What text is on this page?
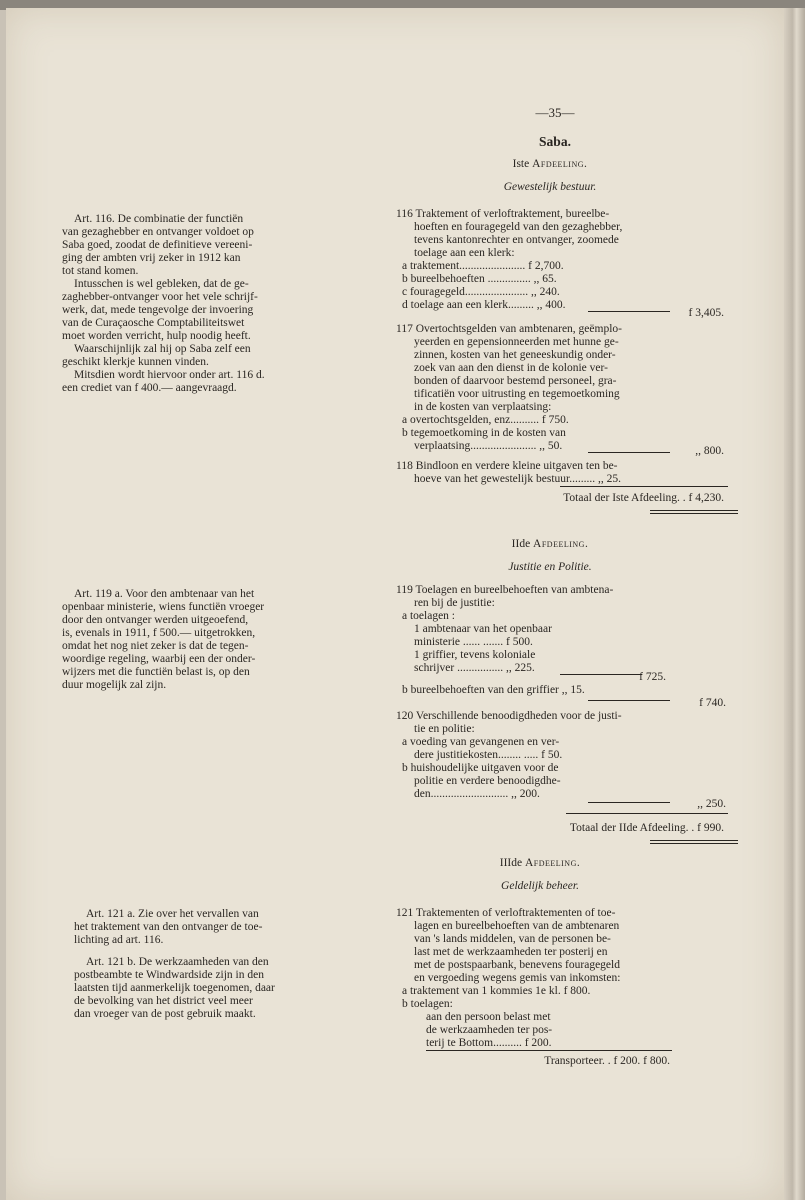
—35—
Saba.
Iste Afdeeling.
Gewestelijk bestuur.
116 Traktement of verloftraktement, bureelbe-
hoeften en fouragegeld van den gezaghebber,
tevens kantonrechter en ontvanger, zoomede
toelage aan een klerk:
a traktement....................... f 2,700.
b bureelbehoeften ............... ,, 65.
c fouragegeld...................... ,, 240.
d toelage aan een klerk......... ,, 400.
f 3,405.
117 Overtochtsgelden van ambtenaren, geëmplo-
yeerden en gepensionneerden met hunne ge-
zinnen, kosten van het geneeskundig onder-
zoek van aan den dienst in de kolonie ver-
bonden of daarvoor bestemd personeel, gra-
tificatiën voor uitrusting en tegemoetkoming
in de kosten van verplaatsing:
a overtochtsgelden, enz.......... f 750.
b tegemoetkoming in de kosten van
verplaatsing....................... ,, 50.	,, 800.
118 Bindloon en verdere kleine uitgaven ten be-
hoeve van het gewestelijk bestuur......... ,, 25.
Totaal der Iste Afdeeling. . f 4,230.
IIde Afdeeling.
Justitie en Politie.
119 Toelagen en bureelbehoeften van ambtena-
ren bij de justitie:
a toelagen :
1 ambtenaar van het openbaar
ministerie ...... ....... f 500.
1 griffier, tevens koloniale
schrijver ................ ,, 225.
f 725.
b bureelbehoeften van den griffier ,, 15.
f 740.
120 Verschillende benoodigdheden voor de justi-
tie en politie:
a voeding van gevangenen en ver-
dere justitiekosten........ ..... f 50.
b huishoudelijke uitgaven voor de
politie en verdere benoodigdhe-
den........................... ,, 200.
,, 250.
Totaal der IIde Afdeeling. . f 990.
IIIde Afdeeling.
Geldelijk beheer.
121 Traktementen of verloftraktementen of toe-
lagen en bureelbehoeften van de ambtenaren
van 's lands middelen, van de personen be-
last met de werkzaamheden ter posterij en
met de postspaarbank, benevens fouragegeld
en vergoeding wegens gemis van inkomsten:
a traktement van 1 kommies 1e kl. f 800.
b toelagen:
aan den persoon belast met
de werkzaamheden ter pos-
terij te Bottom.......... f 200.
Transporteer. . f 200. f 800.
Art. 116. De combinatie der functiën
van gezaghebber en ontvanger voldoet op
Saba goed, zoodat de definitieve vereeni-
ging der ambten vrij zeker in 1912 kan
tot stand komen.
Intusschen is wel gebleken, dat de ge-
zaghebber-ontvanger voor het vele schrijf-
werk, dat, mede tengevolge der invoering
van de Curaçaosche Comptabiliteitswet
moet worden verricht, hulp noodig heeft.
Waarschijnlijk zal hij op Saba zelf een
geschikt klerkje kunnen vinden.
Mitsdien wordt hiervoor onder art. 116 d.
een crediet van f 400.— aangevraagd.
Art. 119 a. Voor den ambtenaar van het
openbaar ministerie, wiens functiën vroeger
door den ontvanger werden uitgeoefend,
is, evenals in 1911, f 500.— uitgetrokken,
omdat het nog niet zeker is dat de tegen-
woordige regeling, waarbij een der onder-
wijzers met die functiën belast is, op den
duur mogelijk zal zijn.
Art. 121 a. Zie over het vervallen van
het traktement van den ontvanger de toe-
lichting ad art. 116.
Art. 121 b. De werkzaamheden van den
postbeambte te Windwardside zijn in den
laatsten tijd aanmerkelijk toegenomen, daar
de bevolking van het district veel meer
dan vroeger van de post gebruik maakt.
